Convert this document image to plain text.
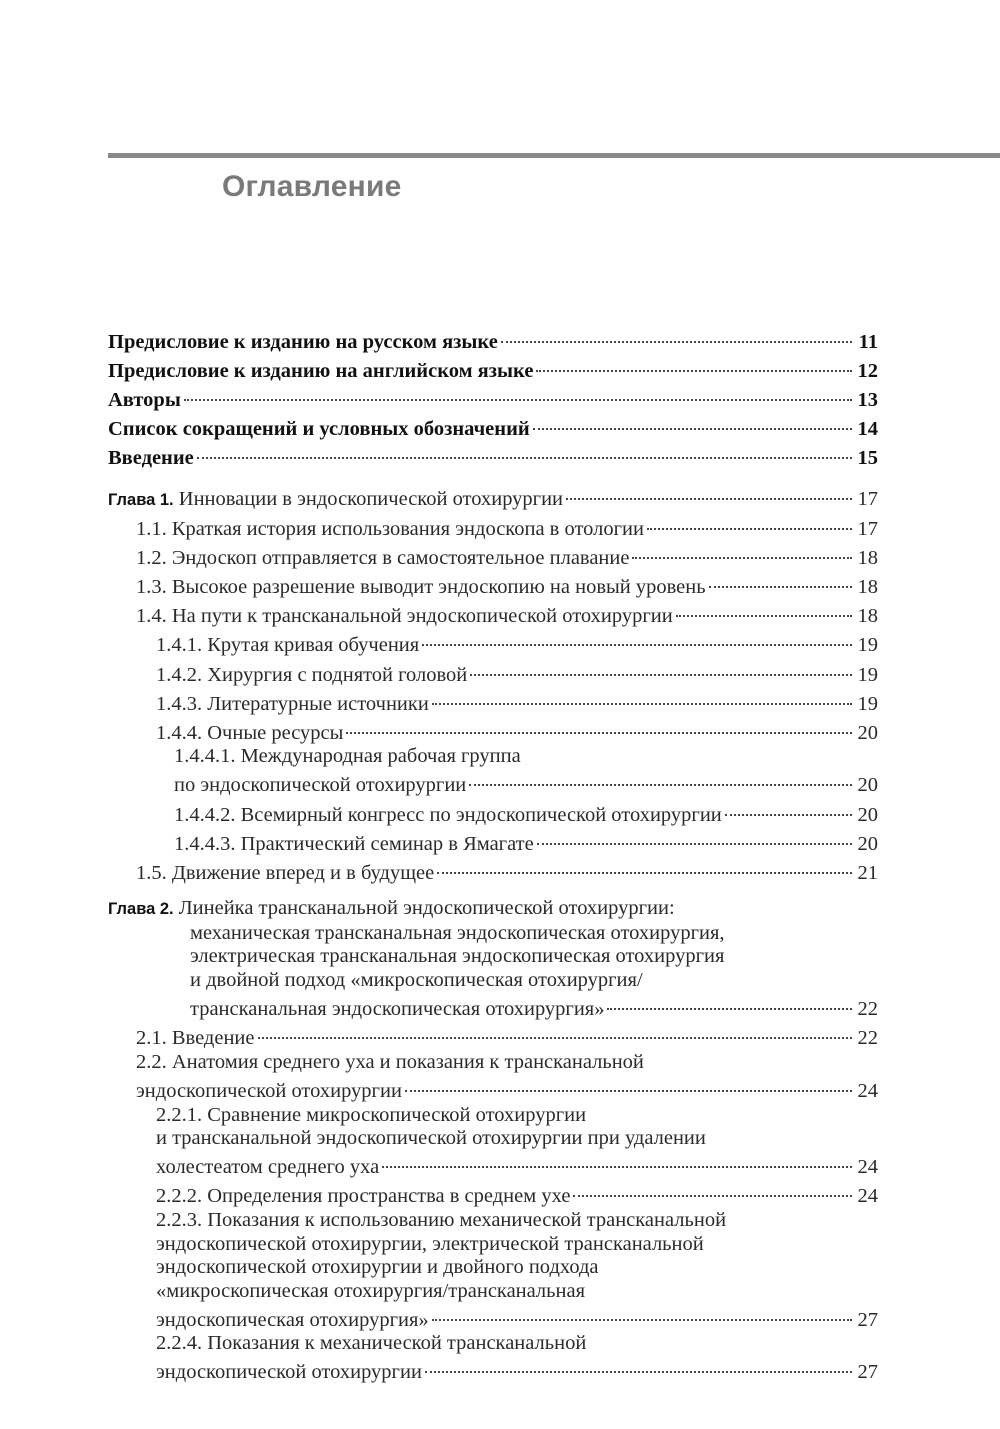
Оглавление
Предисловие к изданию на русском языке	11
Предисловие к изданию на английском языке	12
Авторы	13
Список сокращений и условных обозначений	14
Введение	15
Глава 1. Инновации в эндоскопической отохирургии	17
1.1. Краткая история использования эндоскопа в отологии	17
1.2. Эндоскоп отправляется в самостоятельное плавание	18
1.3. Высокое разрешение выводит эндоскопию на новый уровень	18
1.4. На пути к трансканальной эндоскопической отохирургии	18
1.4.1. Крутая кривая обучения	19
1.4.2. Хирургия с поднятой головой	19
1.4.3. Литературные источники	19
1.4.4. Очные ресурсы	20
1.4.4.1. Международная рабочая группа
по эндоскопической отохирургии	20
1.4.4.2. Всемирный конгресс по эндоскопической отохирургии	20
1.4.4.3. Практический семинар в Ямагате	20
1.5. Движение вперед и в будущее	21
Глава 2. Линейка трансканальной эндоскопической отохирургии:
механическая трансканальная эндоскопическая отохирургия,
электрическая трансканальная эндоскопическая отохирургия
и двойной подход «микроскопическая отохирургия/
трансканальная эндоскопическая отохирургия»	22
2.1. Введение	22
2.2. Анатомия среднего уха и показания к трансканальной
эндоскопической отохирургии	24
2.2.1. Сравнение микроскопической отохирургии
и трансканальной эндоскопической отохирургии при удалении
холестеатом среднего уха	24
2.2.2. Определения пространства в среднем ухе	24
2.2.3. Показания к использованию механической трансканальной
эндоскопической отохирургии, электрической трансканальной
эндоскопической отохирургии и двойного подхода
«микроскопическая отохирургия/трансканальная
эндоскопическая отохирургия»	27
2.2.4. Показания к механической трансканальной
эндоскопической отохирургии	27
